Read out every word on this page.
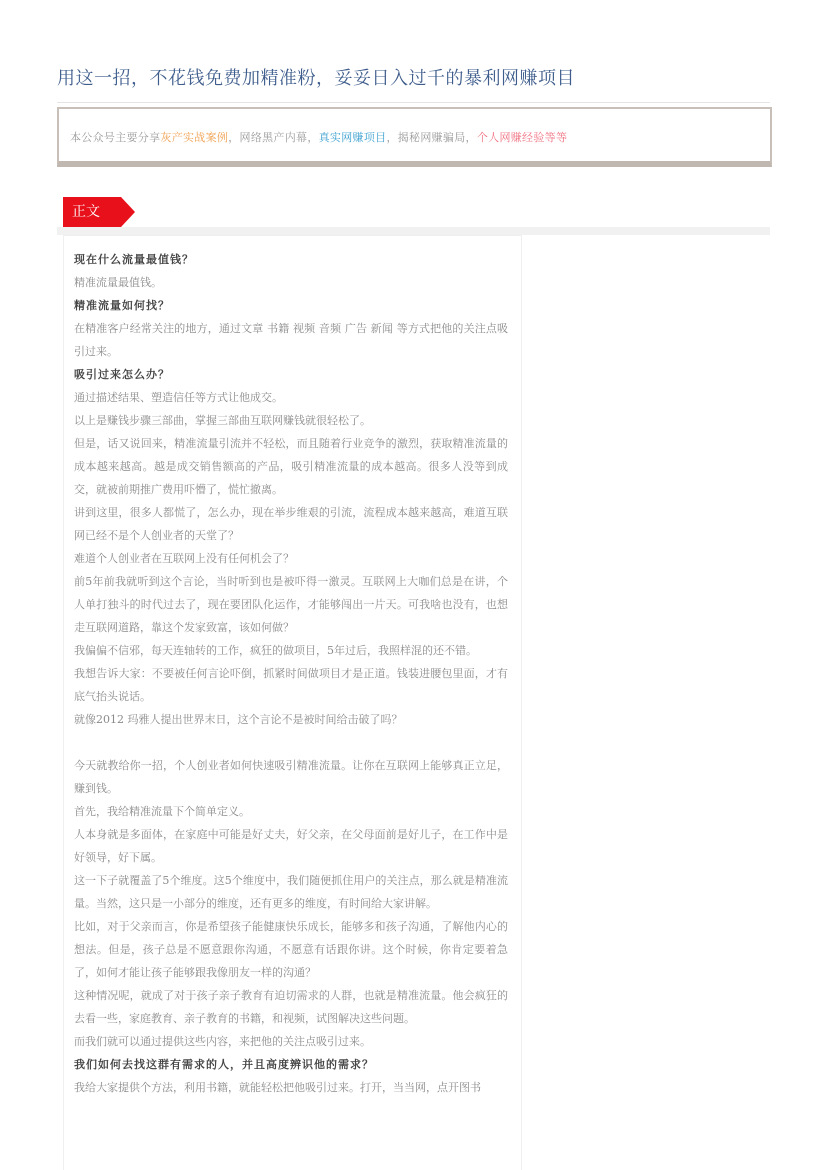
用这一招，不花钱免费加精准粉，妥妥日入过千的暴利网赚项目
本公众号主要分享灰产实战案例，网络黑产内幕，真实网赚项目，揭秘网赚骗局，个人网赚经验等等
正文
现在什么流量最值钱？
精准流量最值钱。
精准流量如何找？
在精准客户经常关注的地方，通过文章 书籍 视频 音频 广告 新闻 等方式把他的关注点吸引过来。
吸引过来怎么办？
通过描述结果、塑造信任等方式让他成交。
以上是赚钱步骤三部曲，掌握三部曲互联网赚钱就很轻松了。
但是，话又说回来，精准流量引流并不轻松，而且随着行业竞争的激烈，获取精准流量的成本越来越高。越是成交销售额高的产品，吸引精准流量的成本越高。很多人没等到成交，就被前期推广费用吓懵了，慌忙撤离。
讲到这里，很多人都慌了，怎么办，现在举步维艰的引流，流程成本越来越高，难道互联网已经不是个人创业者的天堂了？
难道个人创业者在互联网上没有任何机会了？
前5年前我就听到这个言论，当时听到也是被吓得一激灵。互联网上大咖们总是在讲，个人单打独斗的时代过去了，现在要团队化运作，才能够闯出一片天。可我啥也没有，也想走互联网道路，靠这个发家致富，该如何做？
我偏偏不信邪，每天连轴转的工作，疯狂的做项目，5年过后，我照样混的还不错。
我想告诉大家：不要被任何言论吓倒，抓紧时间做项目才是正道。钱装进腰包里面，才有底气抬头说话。
就像2012 玛雅人提出世界末日，这个言论不是被时间给击破了吗？

今天就教给你一招，个人创业者如何快速吸引精准流量。让你在互联网上能够真正立足，赚到钱。
首先，我给精准流量下个简单定义。
人本身就是多面体，在家庭中可能是好丈夫，好父亲，在父母面前是好儿子，在工作中是好领导，好下属。
这一下子就覆盖了5个维度。这5个维度中，我们随便抓住用户的关注点，那么就是精准流量。当然，这只是一小部分的维度，还有更多的维度，有时间给大家讲解。
比如，对于父亲而言，你是希望孩子能健康快乐成长，能够多和孩子沟通，了解他内心的想法。但是，孩子总是不愿意跟你沟通，不愿意有话跟你讲。这个时候，你肯定要着急了，如何才能让孩子能够跟我像朋友一样的沟通？
这种情况呢，就成了对于孩子亲子教育有迫切需求的人群，也就是精准流量。他会疯狂的去看一些，家庭教育、亲子教育的书籍，和视频，试图解决这些问题。
而我们就可以通过提供这些内容，来把他的关注点吸引过来。
我们如何去找这群有需求的人，并且高度辨识他的需求？
我给大家提供个方法，利用书籍，就能轻松把他吸引过来。打开，当当网，点开图书
